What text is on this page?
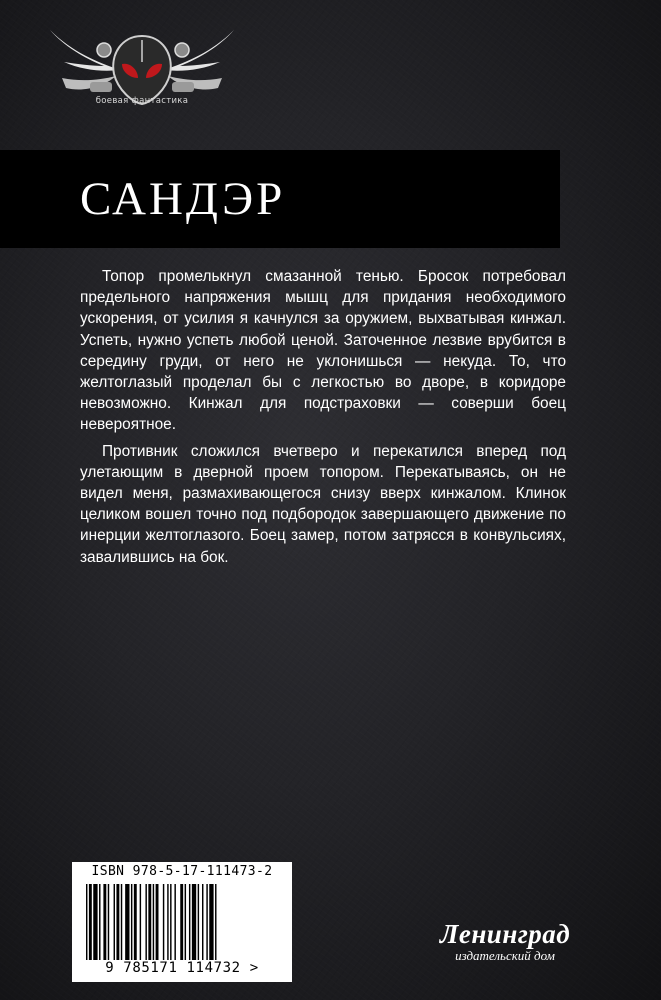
боевая фантастика
САНДЭР

Топор промелькнул смазанной тенью. Бросок потребовал предельного напряжения мышц для придания необходимого ускорения, от усилия я качнулся за оружием, выхватывая кинжал. Успеть, нужно успеть любой ценой. Заточенное лезвие врубится в середину груди, от него не уклонишься — некуда. То, что желтоглазый проделал бы с легкостью во дворе, в коридоре невозможно. Кинжал для подстраховки — соверши боец невероятное.

Противник сложился вчетверо и перекатился вперед под улетающим в дверной проем топором. Перекатываясь, он не видел меня, размахивающегося снизу вверх кинжалом. Клинок целиком вошел точно под подбородок завершающего движение по инерции желтоглазого. Боец замер, потом затрясся в конвульсиях, завалившись на бок.

ISBN 978-5-17-111473-2
9 785171 114732 >
Ленинград
издательский дом
